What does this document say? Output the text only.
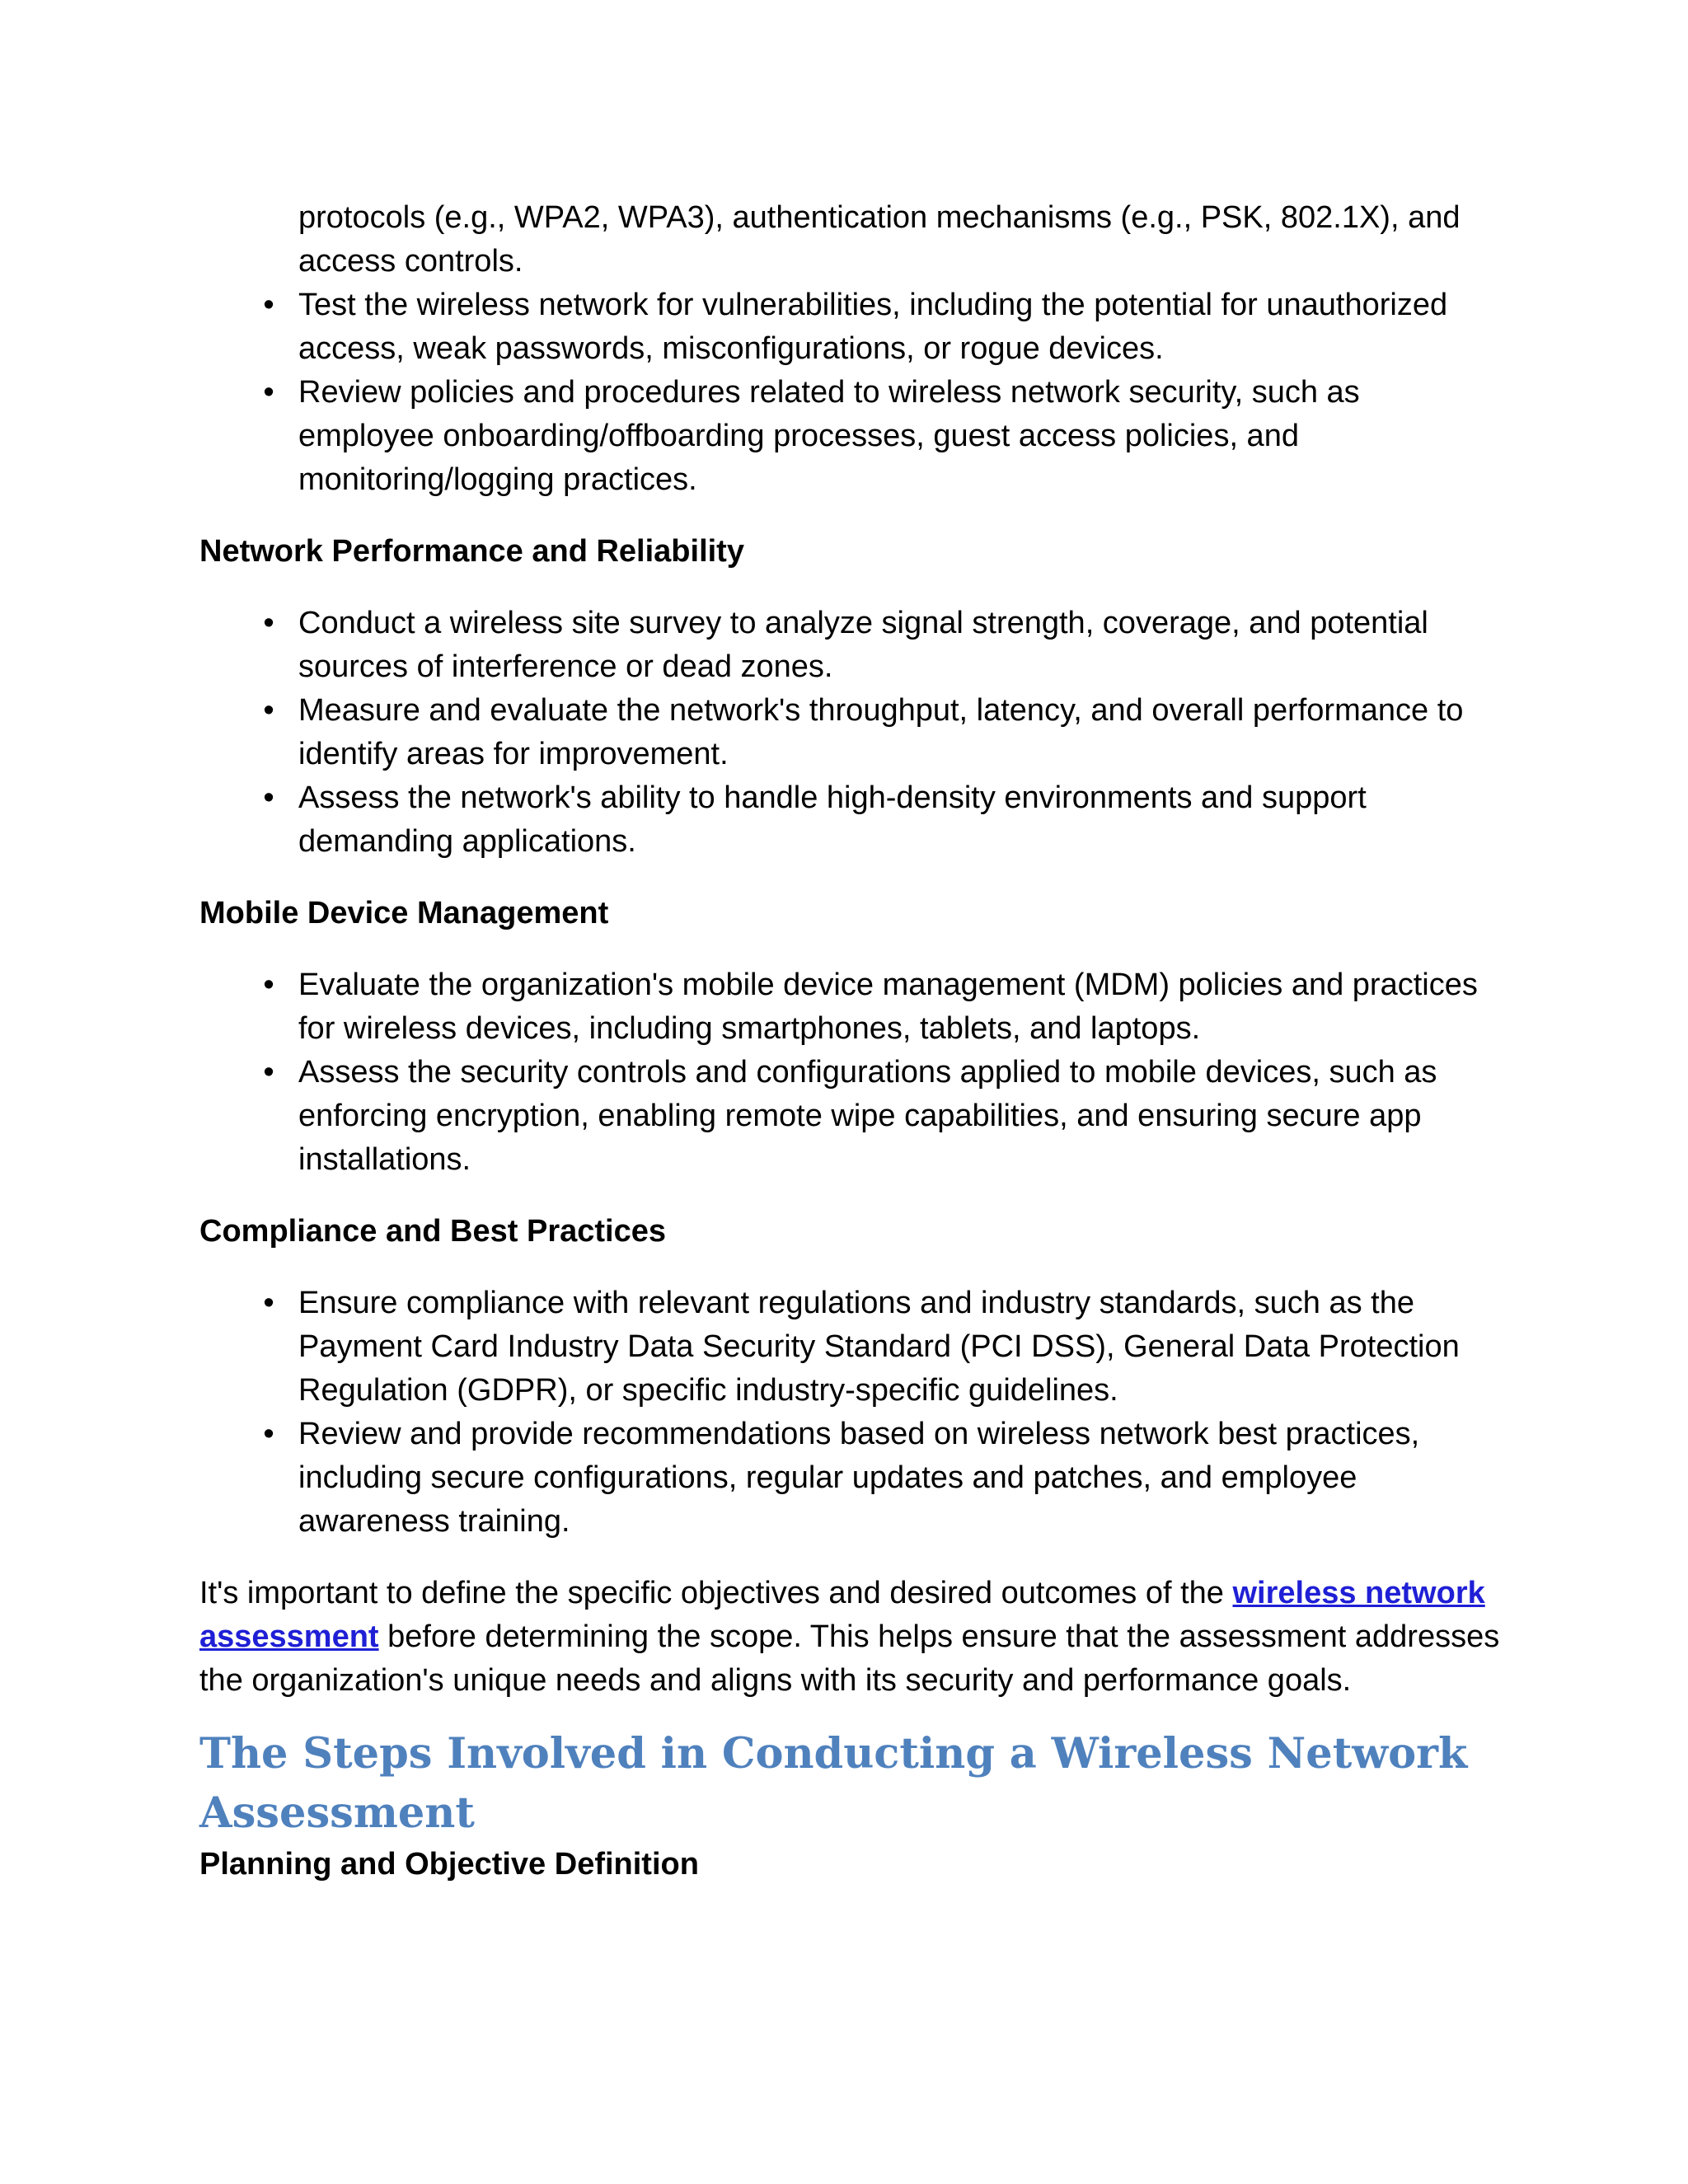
protocols (e.g., WPA2, WPA3), authentication mechanisms (e.g., PSK, 802.1X), and access controls.
• Test the wireless network for vulnerabilities, including the potential for unauthorized access, weak passwords, misconfigurations, or rogue devices.
• Review policies and procedures related to wireless network security, such as employee onboarding/offboarding processes, guest access policies, and monitoring/logging practices.
Network Performance and Reliability
• Conduct a wireless site survey to analyze signal strength, coverage, and potential sources of interference or dead zones.
• Measure and evaluate the network's throughput, latency, and overall performance to identify areas for improvement.
• Assess the network's ability to handle high-density environments and support demanding applications.
Mobile Device Management
• Evaluate the organization's mobile device management (MDM) policies and practices for wireless devices, including smartphones, tablets, and laptops.
• Assess the security controls and configurations applied to mobile devices, such as enforcing encryption, enabling remote wipe capabilities, and ensuring secure app installations.
Compliance and Best Practices
• Ensure compliance with relevant regulations and industry standards, such as the Payment Card Industry Data Security Standard (PCI DSS), General Data Protection Regulation (GDPR), or specific industry-specific guidelines.
• Review and provide recommendations based on wireless network best practices, including secure configurations, regular updates and patches, and employee awareness training.

It's important to define the specific objectives and desired outcomes of the wireless network assessment before determining the scope. This helps ensure that the assessment addresses the organization's unique needs and aligns with its security and performance goals.

The Steps Involved in Conducting a Wireless Network Assessment
Planning and Objective Definition
